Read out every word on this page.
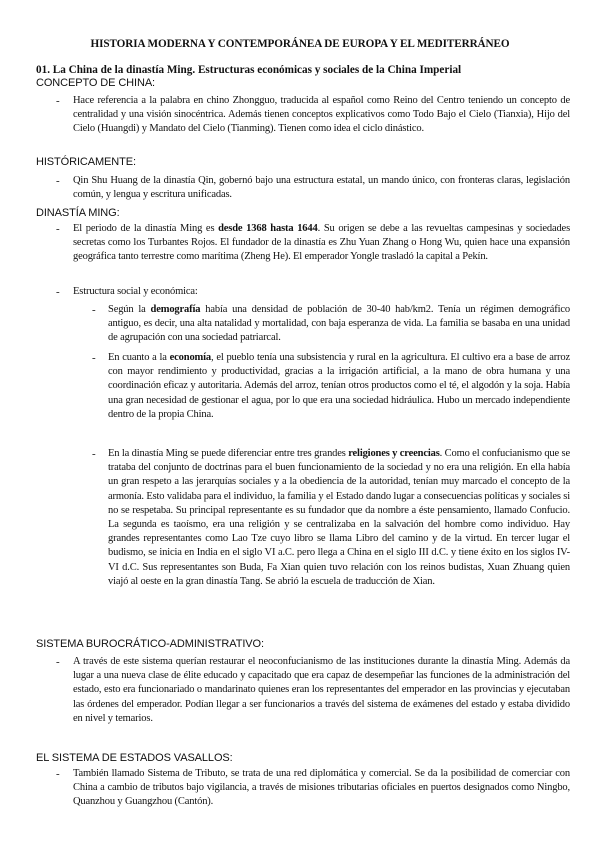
HISTORIA MODERNA Y CONTEMPORÁNEA DE EUROPA Y EL MEDITERRÁNEO
01. La China de la dinastía Ming. Estructuras económicas y sociales de la China Imperial
CONCEPTO DE CHINA:
- Hace referencia a la palabra en chino Zhongguo, traducida al español como Reino del Centro teniendo un concepto de centralidad y una visión sinocéntrica. Además tienen conceptos explicativos como Todo Bajo el Cielo (Tianxia), Hijo del Cielo (Huangdi) y Mandato del Cielo (Tianming). Tienen como idea el ciclo dinástico.
HISTÓRICAMENTE:
- Qin Shu Huang de la dinastía Qin, gobernó bajo una estructura estatal, un mando único, con fronteras claras, legislación común, y lengua y escritura unificadas.
DINASTÍA MING:
- El periodo de la dinastía Ming es desde 1368 hasta 1644. Su origen se debe a las revueltas campesinas y sociedades secretas como los Turbantes Rojos. El fundador de la dinastía es Zhu Yuan Zhang o Hong Wu, quien hace una expansión geográfica tanto terrestre como marítima (Zheng He). El emperador Yongle trasladó la capital a Pekín.
- Estructura social y económica:
- Según la demografía había una densidad de población de 30-40 hab/km2. Tenía un régimen demográfico antiguo, es decir, una alta natalidad y mortalidad, con baja esperanza de vida. La familia se basaba en una unidad de agrupación con una sociedad patriarcal.
- En cuanto a la economía, el pueblo tenía una subsistencia y rural en la agricultura. El cultivo era a base de arroz con mayor rendimiento y productividad, gracias a la irrigación artificial, a la mano de obra humana y una coordinación eficaz y autoritaria. Además del arroz, tenían otros productos como el té, el algodón y la soja. Había una gran necesidad de gestionar el agua, por lo que era una sociedad hidráulica. Hubo un mercado independiente dentro de la propia China.
- En la dinastía Ming se puede diferenciar entre tres grandes religiones y creencias. Como el confucianismo que se trataba del conjunto de doctrinas para el buen funcionamiento de la sociedad y no era una religión. En ella había un gran respeto a las jerarquías sociales y a la obediencia de la autoridad, tenían muy marcado el concepto de la armonía. Esto validaba para el individuo, la familia y el Estado dando lugar a consecuencias políticas y sociales si no se respetaba. Su principal representante es su fundador que da nombre a éste pensamiento, llamado Confucio. La segunda es taoísmo, era una religión y se centralizaba en la salvación del hombre como individuo. Hay grandes representantes como Lao Tze cuyo libro se llama Libro del camino y de la virtud. En tercer lugar el budismo, se inicia en India en el siglo VI a.C. pero llega a China en el siglo III d.C. y tiene éxito en los siglos IV-VI d.C. Sus representantes son Buda, Fa Xian quien tuvo relación con los reinos budistas, Xuan Zhuang quien viajó al oeste en la gran dinastía Tang. Se abrió la escuela de traducción de Xian.
SISTEMA BUROCRÁTICO-ADMINISTRATIVO:
- A través de este sistema querían restaurar el neoconfucianismo de las instituciones durante la dinastía Ming. Además da lugar a una nueva clase de élite educado y capacitado que era capaz de desempeñar las funciones de la administración del estado, esto era funcionariado o mandarinato quienes eran los representantes del emperador en las provincias y ejecutaban las órdenes del emperador. Podían llegar a ser funcionarios a través del sistema de exámenes del estado y estaba dividido en nivel y temarios.
EL SISTEMA DE ESTADOS VASALLOS:
- También llamado Sistema de Tributo, se trata de una red diplomática y comercial. Se da la posibilidad de comerciar con China a cambio de tributos bajo vigilancia, a través de misiones tributarias oficiales en puertos designados como Ningbo, Quanzhou y Guangzhou (Cantón).
